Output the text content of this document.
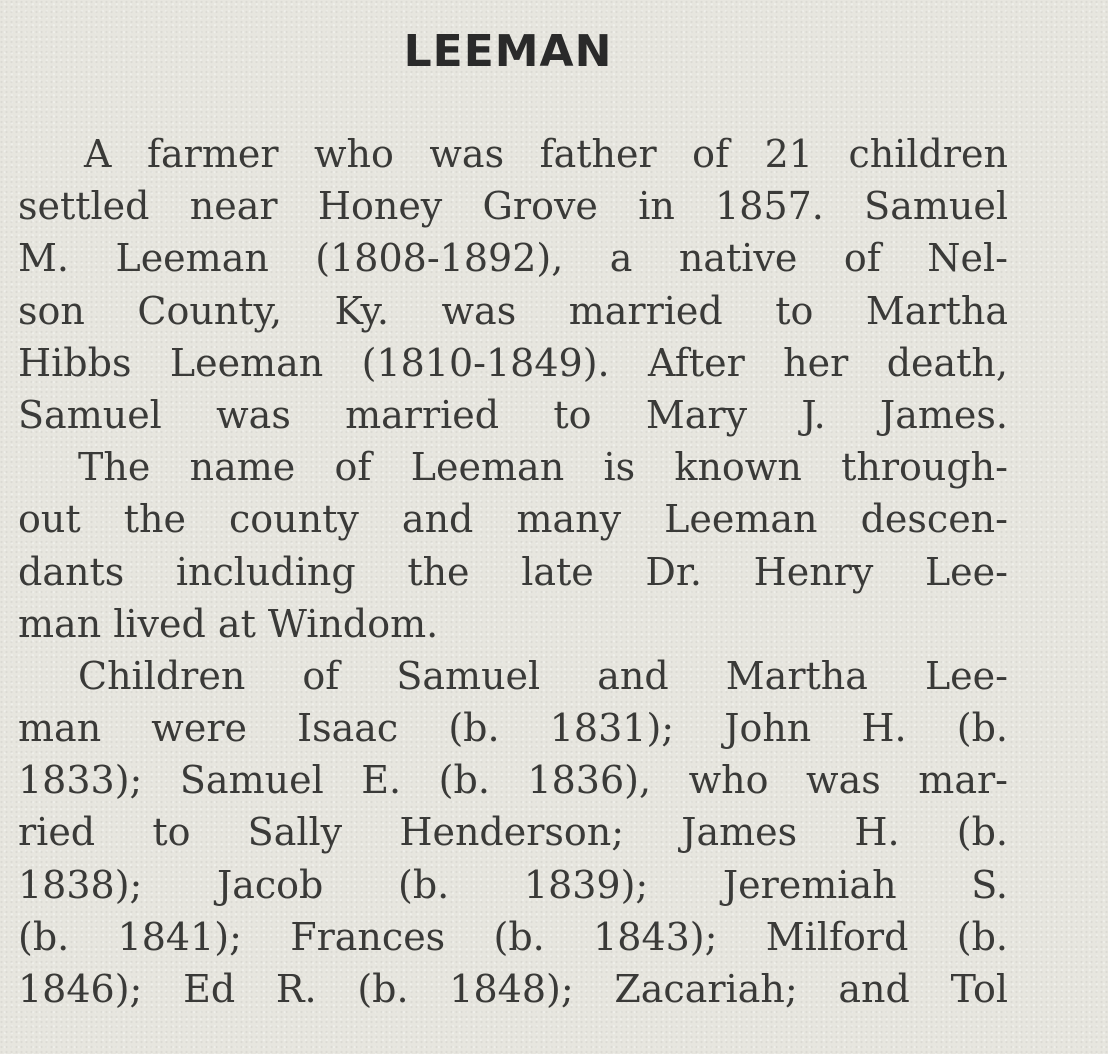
LEEMAN
A farmer who was father of 21 children
settled near Honey Grove in 1857. Samuel
M. Leeman (1808-1892), a native of Nel-
son County, Ky. was married to Martha
Hibbs Leeman (1810-1849). After her death,
Samuel was married to Mary J. James.
The name of Leeman is known through-
out the county and many Leeman descen-
dants including the late Dr. Henry Lee-
man lived at Windom.
Children of Samuel and Martha Lee-
man were Isaac (b. 1831); John H. (b.
1833); Samuel E. (b. 1836), who was mar-
ried to Sally Henderson; James H. (b.
1838); Jacob (b. 1839); Jeremiah S.
(b. 1841); Frances (b. 1843); Milford (b.
1846); Ed R. (b. 1848); Zacariah; and Tol
